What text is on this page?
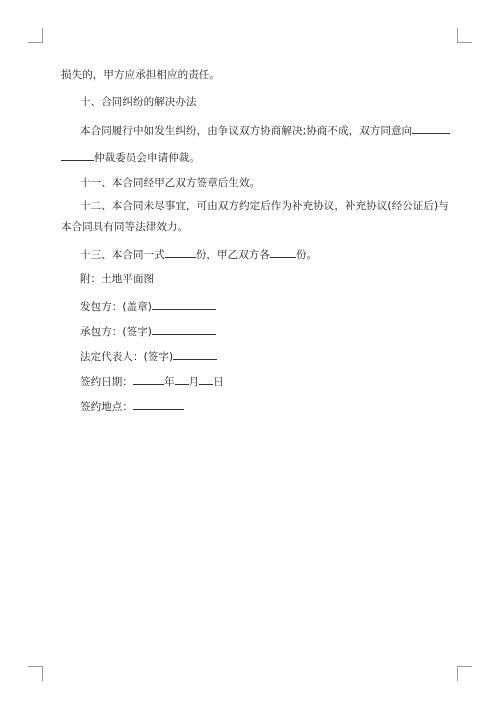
损失的，甲方应承担相应的责任。
十、合同纠纷的解决办法
本合同履行中如发生纠纷，由争议双方协商解决;协商不成，双方同意向
仲裁委员会申请仲裁。
十一、本合同经甲乙双方签章后生效。
十二、本合同未尽事宜，可由双方约定后作为补充协议，补充协议(经公证后)与
本合同具有同等法律效力。
十三、本合同一式	份，甲乙双方各 份。
附：土地平面图
发包方：(盖章)
承包方：(签字)
法定代表人：(签字)
签约日期：	年 月 日
签约地点：
